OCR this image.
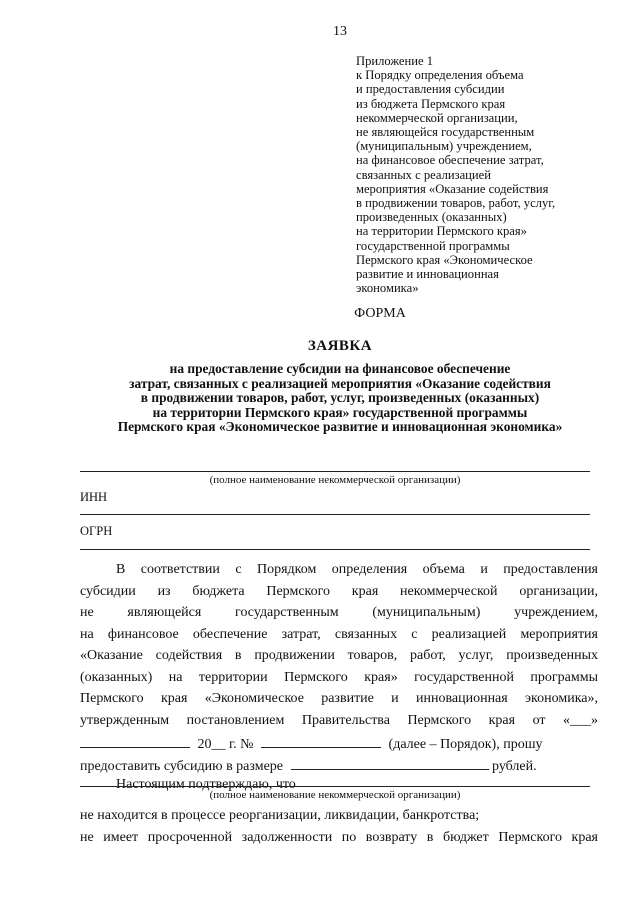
13
Приложение 1
к Порядку определения объема
и предоставления субсидии
из бюджета Пермского края
некоммерческой организации,
не являющейся государственным
(муниципальным) учреждением,
на финансовое обеспечение затрат,
связанных с реализацией
мероприятия «Оказание содействия
в продвижении товаров, работ, услуг,
произведенных (оказанных)
на территории Пермского края»
государственной программы
Пермского края «Экономическое
развитие и инновационная
экономика»
ФОРМА
ЗАЯВКА
на предоставление субсидии на финансовое обеспечение
затрат, связанных с реализацией мероприятия «Оказание содействия
в продвижении товаров, работ, услуг, произведенных (оказанных)
на территории Пермского края» государственной программы
Пермского края «Экономическое развитие и инновационная экономика»
(полное наименование некоммерческой организации)
ИНН
ОГРН
В соответствии с Порядком определения объема и предоставления
субсидии из бюджета Пермского края некоммерческой организации,
не являющейся государственным (муниципальным) учреждением,
на финансовое обеспечение затрат, связанных с реализацией мероприятия
«Оказание содействия в продвижении товаров, работ, услуг, произведенных
(оказанных) на территории Пермского края» государственной программы
Пермского края «Экономическое развитие и инновационная экономика»,
утвержденным постановлением Правительства Пермского края от «___»
20__ г. №	(далее – Порядок), прошу
предоставить субсидию в размере	рублей.
Настоящим подтверждаю, что
(полное наименование некоммерческой организации)
не находится в процессе реорганизации, ликвидации, банкротства;
не имеет просроченной задолженности по возврату в бюджет Пермского края
